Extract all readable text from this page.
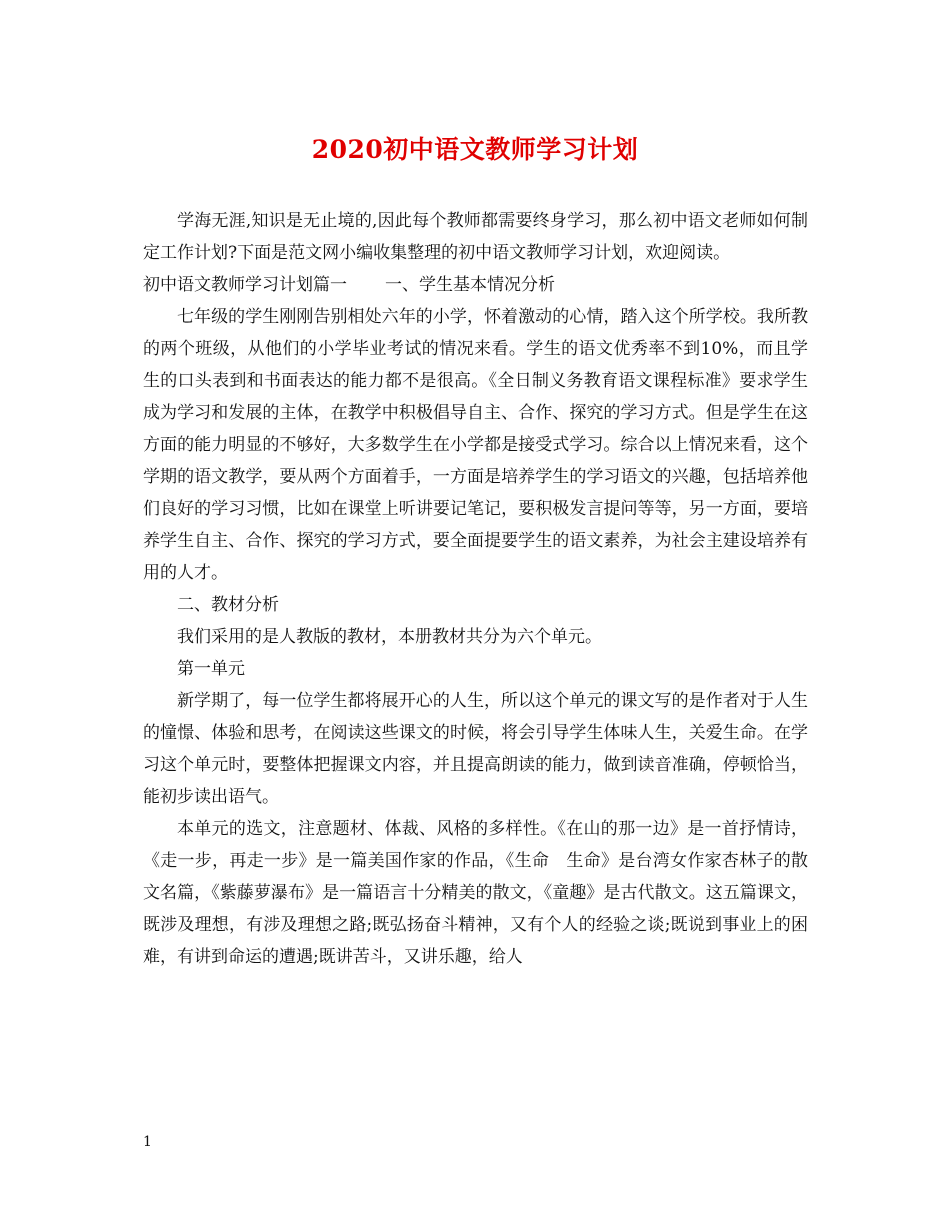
2020初中语文教师学习计划

学海无涯,知识是无止境的,因此每个教师都需要终身学习，那么初中语文老师如何制定工作计划?下面是范文网小编收集整理的初中语文教师学习计划，欢迎阅读。

初中语文教师学习计划篇一 一、学生基本情况分析

七年级的学生刚刚告别相处六年的小学，怀着激动的心情，踏入这个所学校。我所教的两个班级，从他们的小学毕业考试的情况来看。学生的语文优秀率不到10%，而且学生的口头表到和书面表达的能力都不是很高。《全日制义务教育语文课程标准》要求学生成为学习和发展的主体，在教学中积极倡导自主、合作、探究的学习方式。但是学生在这方面的能力明显的不够好，大多数学生在小学都是接受式学习。综合以上情况来看，这个学期的语文教学，要从两个方面着手，一方面是培养学生的学习语文的兴趣，包括培养他们良好的学习习惯，比如在课堂上听讲要记笔记，要积极发言提问等等，另一方面，要培养学生自主、合作、探究的学习方式，要全面提要学生的语文素养，为社会主建设培养有用的人才。

二、教材分析

我们采用的是人教版的教材，本册教材共分为六个单元。

第一单元

新学期了，每一位学生都将展开心的人生，所以这个单元的课文写的是作者对于人生的憧憬、体验和思考，在阅读这些课文的时候，将会引导学生体味人生，关爱生命。在学习这个单元时，要整体把握课文内容，并且提高朗读的能力，做到读音准确，停顿恰当，能初步读出语气。

本单元的选文，注意题材、体裁、风格的多样性。《在山的那一边》是一首抒情诗，《走一步，再走一步》是一篇美国作家的作品，《生命　生命》是台湾女作家杏林子的散文名篇，《紫藤萝瀑布》是一篇语言十分精美的散文，《童趣》是古代散文。这五篇课文，既涉及理想，有涉及理想之路;既弘扬奋斗精神，又有个人的经验之谈;既说到事业上的困难，有讲到命运的遭遇;既讲苦斗，又讲乐趣，给人

1
